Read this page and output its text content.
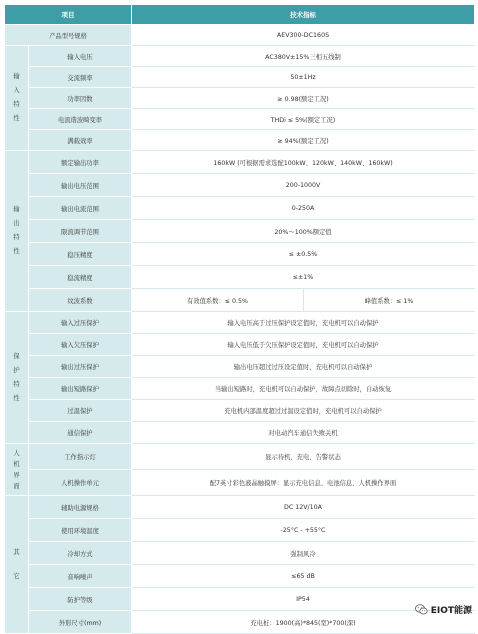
项目		技术指标	
产品型号规格		AEV300-DC160S	

输
入
特
性	输入电压	AC380V±15%三相五线制	
	交流频率	50±1Hz	
	功率因数	≥ 0.98(额定工况)	
	电流谐波畸变率	THDi ≤ 5%(额定工况)	
	满载效率	≥ 94%(额定工况)	

输
出
特
性	额定输出功率	160kW (可根据需求选配100kW、120kW、140kW、160kW)	
	输出电压范围	200-1000V	
	输出电流范围	0-250A	
	限流调节范围	20%～100%额定值	
	稳压精度	≤ ±0.5%	
	稳流精度	≤±1%	
	纹波系数	有效值系数：≤ 0.5%	峰值系数：≤ 1%

保
护
特
性	输入过压保护	输入电压高于过压保护设定值时，充电机可以自动保护	
	输入欠压保护	输入电压低于欠压保护设定值时，充电机可以自动保护	
	输出过压保护	输出电压超过过压设定值时，充电机可以自动保护	
	输出短路保护	当输出短路时，充电机可以自动保护，故障点切除时，自动恢复	
	过温保护	充电机内部温度超过过温设定值时，充电机可以自动保护	
	通信保护	对电动汽车通信失败关机	

人
机
界
面	工作指示灯	显示待机、充电、告警状态	
	人机操作单元	配7英寸彩色液晶触摸屏：显示充电信息、电池信息、人机操作界面	

其
它	辅助电源规格	DC 12V/10A	
	使用环境温度	-25°C - +55°C	
	冷却方式	强制风冷	
	音响噪声	≤65 dB	
	防护等级	IP54	
	外形尺寸(mm)	充电桩：1900(高)*845(宽)*700(深)	
EIOT能源
